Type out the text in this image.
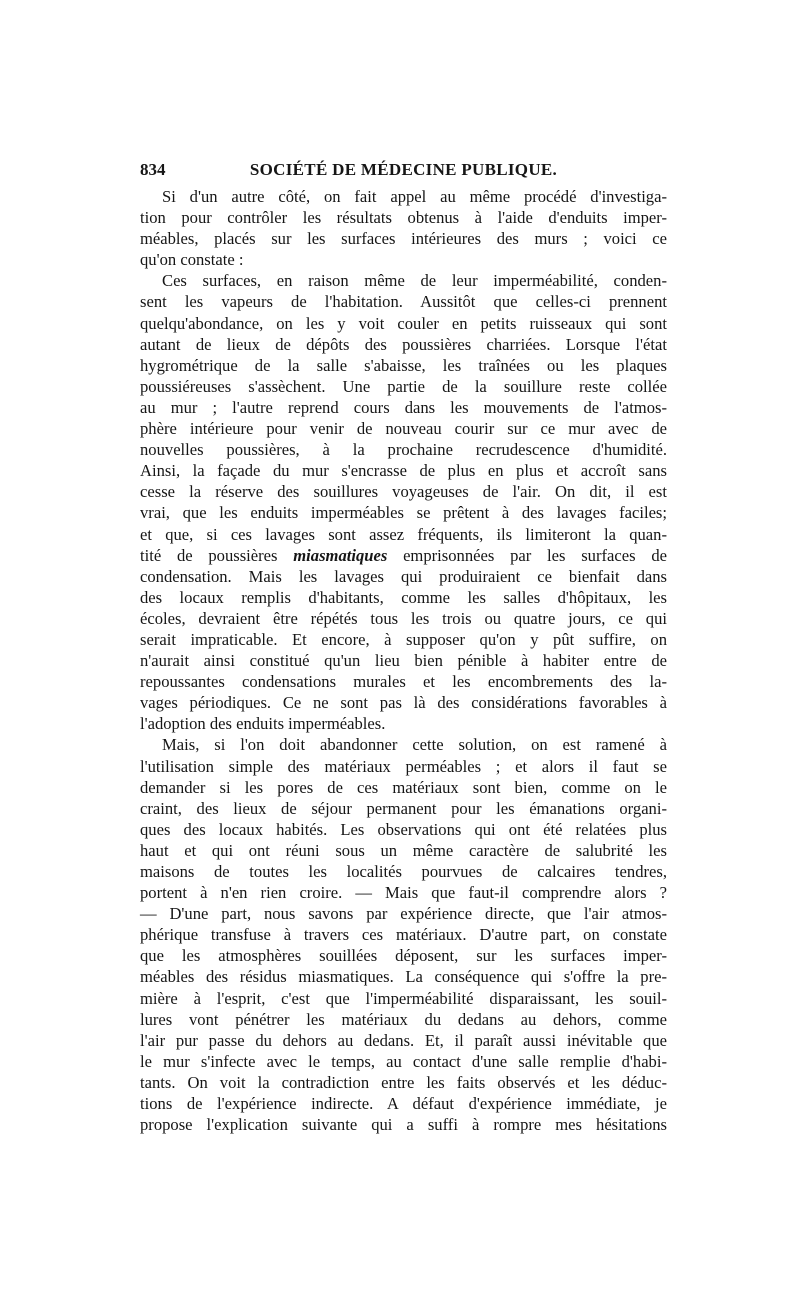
834	SOCIÉTÉ DE MÉDECINE PUBLIQUE.
Si d'un autre côté, on fait appel au même procédé d'investiga-
tion pour contrôler les résultats obtenus à l'aide d'enduits imper-
méables, placés sur les surfaces intérieures des murs ; voici ce
qu'on constate :
Ces surfaces, en raison même de leur imperméabilité, conden-
sent les vapeurs de l'habitation. Aussitôt que celles-ci prennent
quelqu'abondance, on les y voit couler en petits ruisseaux qui sont
autant de lieux de dépôts des poussières charriées. Lorsque l'état
hygrométrique de la salle s'abaisse, les traînées ou les plaques
poussiéreuses s'assèchent. Une partie de la souillure reste collée
au mur ; l'autre reprend cours dans les mouvements de l'atmos-
phère intérieure pour venir de nouveau courir sur ce mur avec de
nouvelles poussières, à la prochaine recrudescence d'humidité.
Ainsi, la façade du mur s'encrasse de plus en plus et accroît sans
cesse la réserve des souillures voyageuses de l'air. On dit, il est
vrai, que les enduits imperméables se prêtent à des lavages faciles;
et que, si ces lavages sont assez fréquents, ils limiteront la quan-
tité de poussières miasmatiques emprisonnées par les surfaces de
condensation. Mais les lavages qui produiraient ce bienfait dans
des locaux remplis d'habitants, comme les salles d'hôpitaux, les
écoles, devraient être répétés tous les trois ou quatre jours, ce qui
serait impraticable. Et encore, à supposer qu'on y pût suffire, on
n'aurait ainsi constitué qu'un lieu bien pénible à habiter entre de
repoussantes condensations murales et les encombrements des la-
vages périodiques. Ce ne sont pas là des considérations favorables à
l'adoption des enduits imperméables.
Mais, si l'on doit abandonner cette solution, on est ramené à
l'utilisation simple des matériaux perméables ; et alors il faut se
demander si les pores de ces matériaux sont bien, comme on le
craint, des lieux de séjour permanent pour les émanations organi-
ques des locaux habités. Les observations qui ont été relatées plus
haut et qui ont réuni sous un même caractère de salubrité les
maisons de toutes les localités pourvues de calcaires tendres,
portent à n'en rien croire. — Mais que faut-il comprendre alors ?
— D'une part, nous savons par expérience directe, que l'air atmos-
phérique transfuse à travers ces matériaux. D'autre part, on constate
que les atmosphères souillées déposent, sur les surfaces imper-
méables des résidus miasmatiques. La conséquence qui s'offre la pre-
mière à l'esprit, c'est que l'imperméabilité disparaissant, les souil-
lures vont pénétrer les matériaux du dedans au dehors, comme
l'air pur passe du dehors au dedans. Et, il paraît aussi inévitable que
le mur s'infecte avec le temps, au contact d'une salle remplie d'habi-
tants. On voit la contradiction entre les faits observés et les déduc-
tions de l'expérience indirecte. A défaut d'expérience immédiate, je
propose l'explication suivante qui a suffi à rompre mes hésitations
